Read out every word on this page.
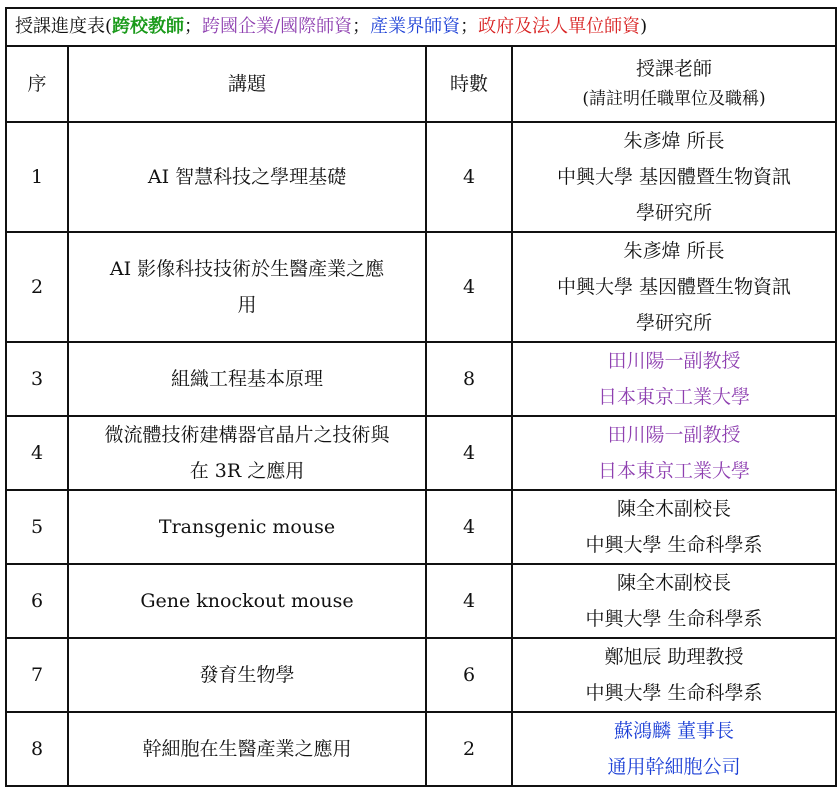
授課進度表(跨校教師；跨國企業/國際師資；產業界師資；政府及法人單位師資)			
序	講題	時數	授課老師
(請註明任職單位及職稱)

1	AI 智慧科技之學理基礎	4	朱彥煒 所長
中興大學 基因體暨生物資訊
學研究所

2	AI 影像科技技術於生醫產業之應
用	4	朱彥煒 所長
中興大學 基因體暨生物資訊
學研究所

3	組織工程基本原理	8	田川陽一副教授
日本東京工業大學

4	微流體技術建構器官晶片之技術與
在 3R 之應用	4	田川陽一副教授
日本東京工業大學

5	Transgenic mouse	4	陳全木副校長
中興大學 生命科學系

6	Gene knockout mouse	4	陳全木副校長
中興大學 生命科學系

7	發育生物學	6	鄭旭辰 助理教授
中興大學 生命科學系

8	幹細胞在生醫產業之應用	2	蘇鴻麟 董事長
通用幹細胞公司
